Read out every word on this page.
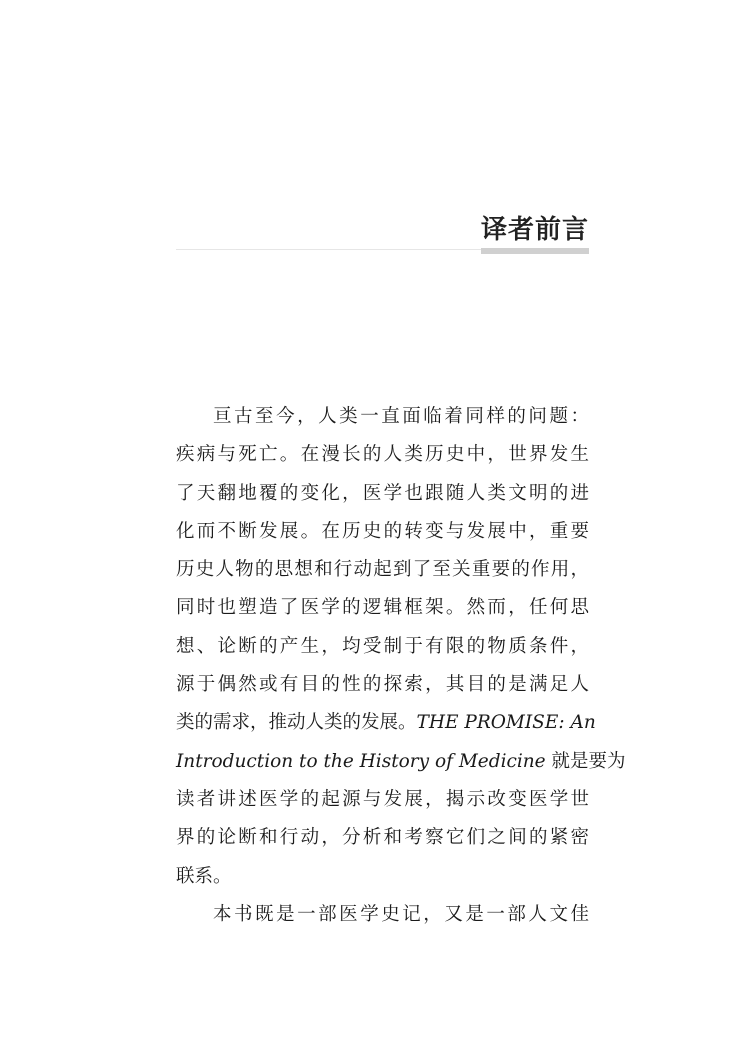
译者前言
亘古至今，人类一直面临着同样的问题：
疾病与死亡。在漫长的人类历史中，世界发生
了天翻地覆的变化，医学也跟随人类文明的进
化而不断发展。在历史的转变与发展中，重要
历史人物的思想和行动起到了至关重要的作用，
同时也塑造了医学的逻辑框架。然而，任何思
想、论断的产生，均受制于有限的物质条件，
源于偶然或有目的性的探索，其目的是满足人
类的需求，推动人类的发展。THE PROMISE: An
Introduction to the History of Medicine 就是要为
读者讲述医学的起源与发展，揭示改变医学世
界的论断和行动，分析和考察它们之间的紧密
联系。
本书既是一部医学史记，又是一部人文佳
